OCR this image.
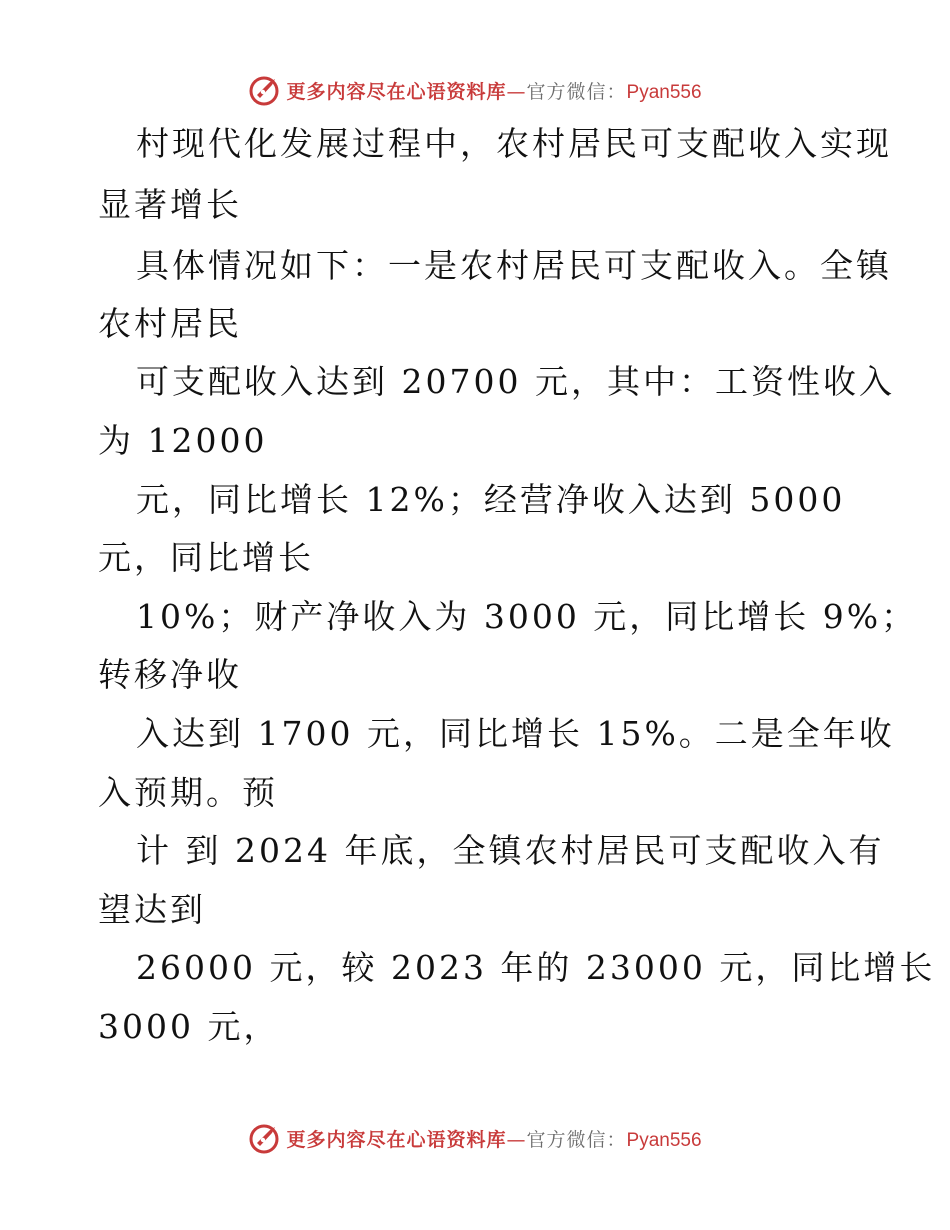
更多内容尽在心语资料库—官方微信：Pyan556
村现代化发展过程中，农村居民可支配收入实现
显著增长
具体情况如下：一是农村居民可支配收入。全镇
农村居民
可支配收入达到 20700 元，其中：工资性收入
为 12000
元，同比增长 12%；经营净收入达到 5000
元，同比增长
10%；财产净收入为 3000 元，同比增长 9%；
转移净收
入达到 1700 元，同比增长 15%。二是全年收
入预期。预
计 到 2024 年底，全镇农村居民可支配收入有
望达到
26000 元，较 2023 年的 23000 元，同比增长
3000 元，
更多内容尽在心语资料库—官方微信：Pyan556
